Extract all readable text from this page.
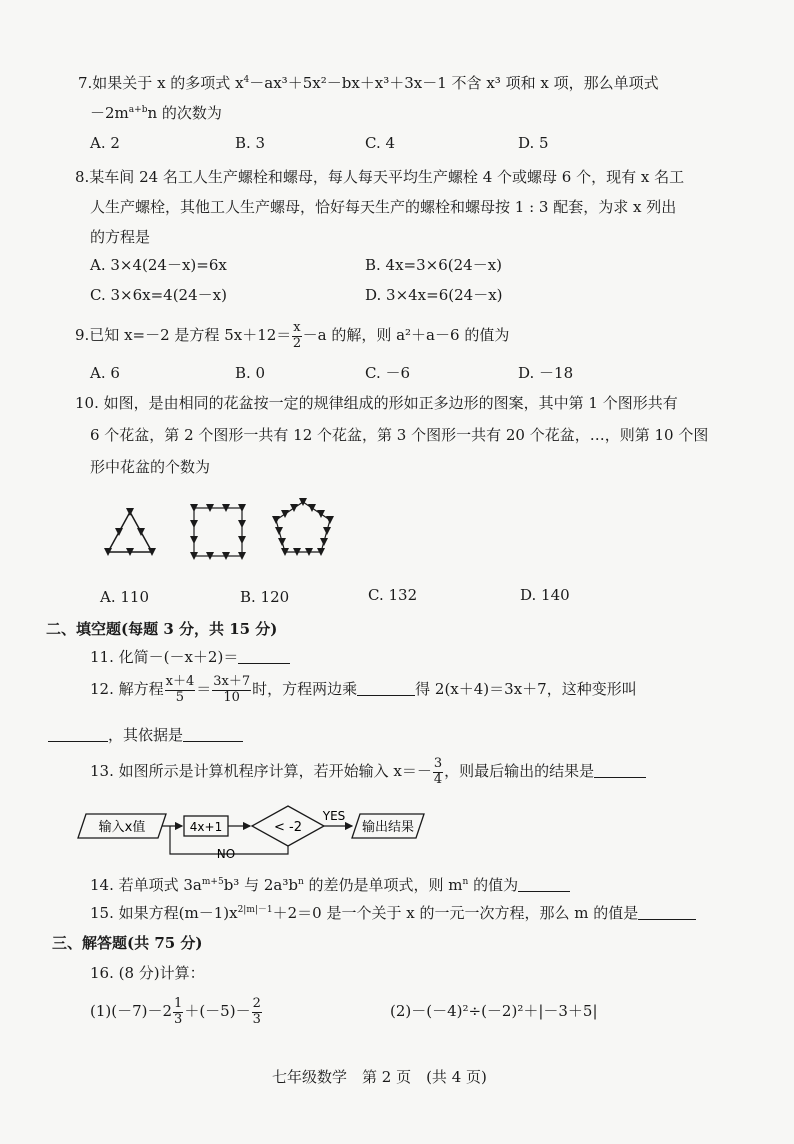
7.如果关于 x 的多项式 $x^4-ax^3+5x^2-bx+x^3+3x-1$ 不含 x³ 项和 x 项，那么单项式
$-2m^{a+b}n$ 的次数为
A. 2	B. 3	C. 4	D. 5
8.某车间 24 名工人生产螺栓和螺母，每人每天平均生产螺栓 4 个或螺母 6 个，现有 x 名工
人生产螺栓，其他工人生产螺母，恰好每天生产的螺栓和螺母按 1 : 3 配套，为求 x 列出
的方程是
A. 3×4(24－x)=6x	B. 4x=3×6(24－x)
C. 3×6x=4(24－x)	D. 3×4x=6(24－x)
9.已知 x=－2 是方程 $5x+12= \frac{x}{2} -a$ 的解，则 a²＋a－6 的值为
A. 6	B. 0	C. －6	D. －18
10. 如图，是由相同的花盆按一定的规律组成的形如正多边形的图案，其中第 1 个图形共有
6 个花盆，第 2 个图形一共有 12 个花盆，第 3 个图形一共有 20 个花盆，…，则第 10 个图
形中花盆的个数为
A. 110	B. 120	C. 132	D. 140
二、填空题(每题 3 分，共 15 分)
11. 化简－(－x＋2)＝
12. 解方程 $\frac{x+4}{5} = \frac{3x+7}{10}$ 时，方程两边乘	得 2(x＋4)＝3x＋7，这种变形叫
，其依据是
13. 如图所示是计算机程序计算，若开始输入 $x=- \frac{3}{4}$ ，则最后输出的结果是
输入x值	4x+1	< -2
YES
输出结果
NO
14. 若单项式 $3a^{m+5}b^3$ 与 $2a^3b^n$ 的差仍是单项式，则 $m^n$ 的值为
15. 如果方程$(m-1)x^{2|m|-1}+2=0$ 是一个关于 x 的一元一次方程，那么 m 的值是
三、解答题(共 75 分)
16. (8 分)计算：
$(1)(-7)-2 \frac{1}{3} +(-5)- \frac{2}{3}$	(2)－(－4)²÷(－2)²＋|－3＋5|
七年级数学　第 2 页　(共 4 页)
